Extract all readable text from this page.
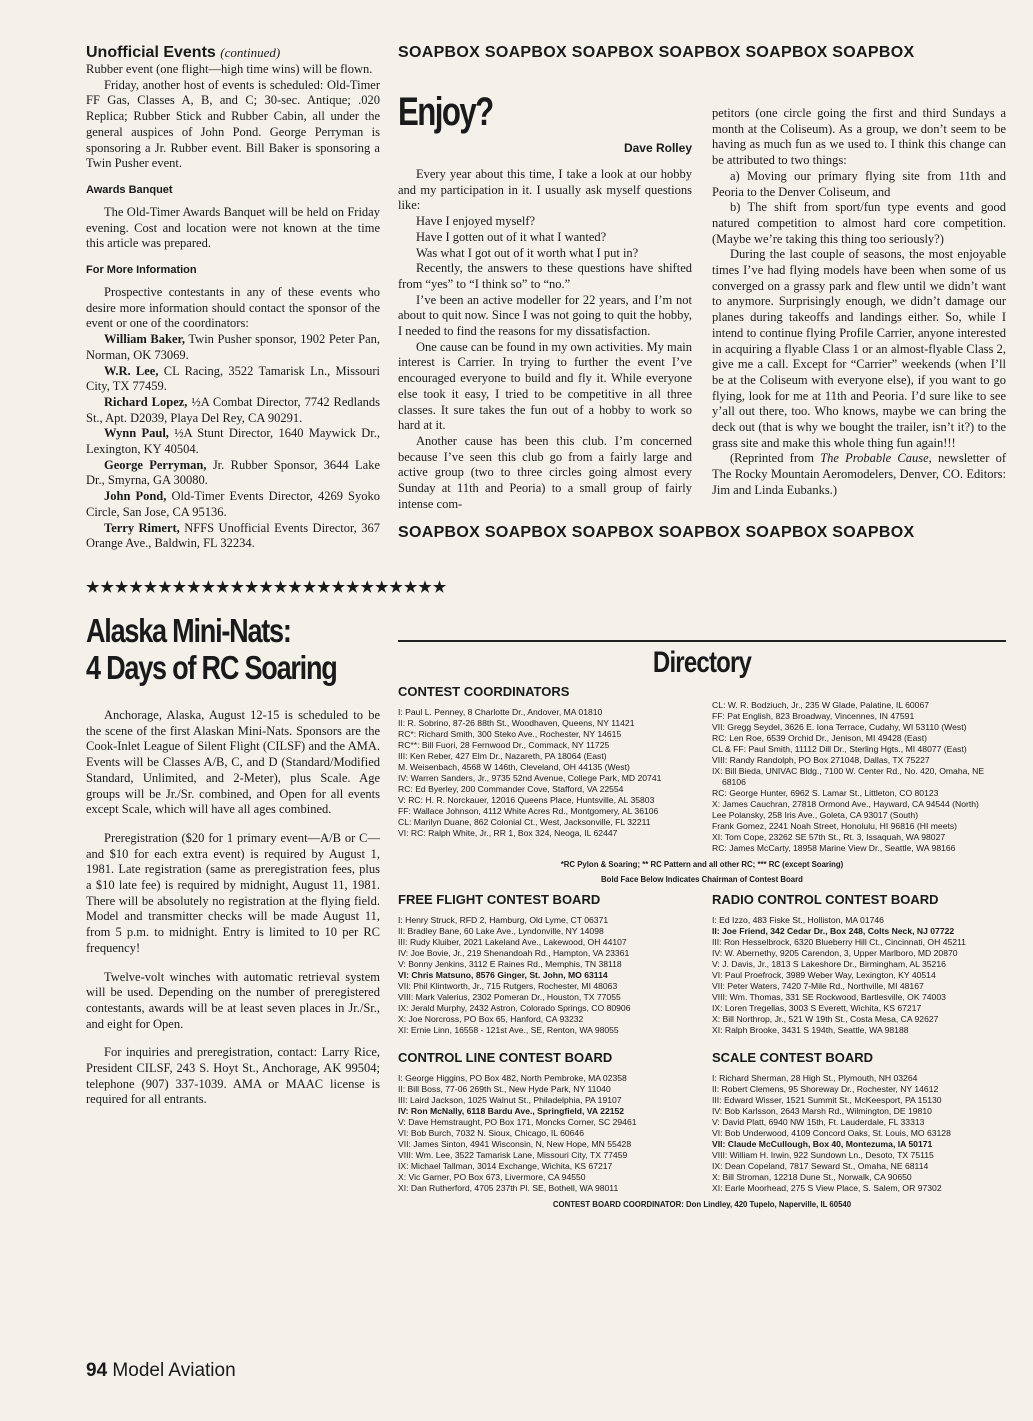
Unofficial Events (continued)

Rubber event (one flight—high time wins) will be flown.

Friday, another host of events is scheduled: Old-Timer FF Gas, Classes A, B, and C; 30-sec. Antique; .020 Replica; Rubber Stick and Rubber Cabin, all under the general auspices of John Pond. George Perryman is sponsoring a Jr. Rubber event. Bill Baker is sponsoring a Twin Pusher event.

Awards Banquet

The Old-Timer Awards Banquet will be held on Friday evening. Cost and location were not known at the time this article was prepared.

For More Information

Prospective contestants in any of these events who desire more information should contact the sponsor of the event or one of the coordinators:

William Baker, Twin Pusher sponsor, 1902 Peter Pan, Norman, OK 73069.

W.R. Lee, CL Racing, 3522 Tamarisk Ln., Missouri City, TX 77459.

Richard Lopez, ½A Combat Director, 7742 Redlands St., Apt. D2039, Playa Del Rey, CA 90291.

Wynn Paul, ½A Stunt Director, 1640 Maywick Dr., Lexington, KY 40504.

George Perryman, Jr. Rubber Sponsor, 3644 Lake Dr., Smyrna, GA 30080.

John Pond, Old-Timer Events Director, 4269 Syoko Circle, San Jose, CA 95136.

Terry Rimert, NFFS Unofficial Events Director, 367 Orange Ave., Baldwin, FL 32234.

★★★★★★★★★★★★★★★★★★★★★★★★★
Alaska Mini-Nats:
4 Days of RC Soaring

Anchorage, Alaska, August 12-15 is scheduled to be the scene of the first Alaskan Mini-Nats. Sponsors are the Cook-Inlet League of Silent Flight (CILSF) and the AMA. Events will be Classes A/B, C, and D (Standard/Modified Standard, Unlimited, and 2-Meter), plus Scale. Age groups will be Jr./Sr. combined, and Open for all events except Scale, which will have all ages combined.

Preregistration ($20 for 1 primary event—A/B or C—and $10 for each extra event) is required by August 1, 1981. Late registration (same as preregistration fees, plus a $10 late fee) is required by midnight, August 11, 1981. There will be absolutely no registration at the flying field. Model and transmitter checks will be made August 11, from 5 p.m. to midnight. Entry is limited to 10 per RC frequency!

Twelve-volt winches with automatic retrieval system will be used. Depending on the number of preregistered contestants, awards will be at least seven places in Jr./Sr., and eight for Open.

For inquiries and preregistration, contact: Larry Rice, President CILSF, 243 S. Hoyt St., Anchorage, AK 99504; telephone (907) 337-1039. AMA or MAAC license is required for all entrants.

SOAPBOX SOAPBOX SOAPBOX SOAPBOX SOAPBOX SOAPBOX
Enjoy?
Dave Rolley

Every year about this time, I take a look at our hobby and my participation in it. I usually ask myself questions like:

Have I enjoyed myself?

Have I gotten out of it what I wanted?

Was what I got out of it worth what I put in?

Recently, the answers to these questions have shifted from “yes” to “I think so” to “no.”

I’ve been an active modeller for 22 years, and I’m not about to quit now. Since I was not going to quit the hobby, I needed to find the reasons for my dissatisfaction.

One cause can be found in my own activities. My main interest is Carrier. In trying to further the event I’ve encouraged everyone to build and fly it. While everyone else took it easy, I tried to be competitive in all three classes. It sure takes the fun out of a hobby to work so hard at it.

Another cause has been this club. I’m concerned because I’ve seen this club go from a fairly large and active group (two to three circles going almost every Sunday at 11th and Peoria) to a small group of fairly intense com-

petitors (one circle going the first and third Sundays a month at the Coliseum). As a group, we don’t seem to be having as much fun as we used to. I think this change can be attributed to two things:

a) Moving our primary flying site from 11th and Peoria to the Denver Coliseum, and

b) The shift from sport/fun type events and good natured competition to almost hard core competition. (Maybe we’re taking this thing too seriously?)

During the last couple of seasons, the most enjoyable times I’ve had flying models have been when some of us converged on a grassy park and flew until we didn’t want to anymore. Surprisingly enough, we didn’t damage our planes during takeoffs and landings either. So, while I intend to continue flying Profile Carrier, anyone interested in acquiring a flyable Class 1 or an almost-flyable Class 2, give me a call. Except for “Carrier” weekends (when I’ll be at the Coliseum with everyone else), if you want to go flying, look for me at 11th and Peoria. I’d sure like to see y’all out there, too. Who knows, maybe we can bring the deck out (that is why we bought the trailer, isn’t it?) to the grass site and make this whole thing fun again!!!

(Reprinted from The Probable Cause, newsletter of The Rocky Mountain Aeromodelers, Denver, CO. Editors: Jim and Linda Eubanks.)

SOAPBOX SOAPBOX SOAPBOX SOAPBOX SOAPBOX SOAPBOX
Directory
CONTEST COORDINATORS
I: Paul L. Penney, 8 Charlotte Dr., Andover, MA 01810
II: R. Sobrino, 87-26 88th St., Woodhaven, Queens, NY 11421
RC*: Richard Smith, 300 Steko Ave., Rochester, NY 14615
RC**: Bill Fuori, 28 Fernwood Dr., Commack, NY 11725
III: Ken Reber, 427 Elm Dr., Nazareth, PA 18064 (East)
M. Weisenbach, 4568 W 146th, Cleveland, OH 44135 (West)
IV: Warren Sanders, Jr., 9735 52nd Avenue, College Park, MD 20741
RC: Ed Byerley, 200 Commander Cove, Stafford, VA 22554
V: RC: H. R. Norckauer, 12016 Queens Place, Huntsville, AL 35803
FF: Wallace Johnson, 4112 White Acres Rd., Montgomery, AL 36106
CL: Marilyn Duane, 862 Colonial Ct., West, Jacksonville, FL 32211
VI: RC: Ralph White, Jr., RR 1, Box 324, Neoga, IL 62447
CL: W. R. Bodziuch, Jr., 235 W Glade, Palatine, IL 60067
FF: Pat English, 823 Broadway, Vincennes, IN 47591
VII: Gregg Seydel, 3626 E. Iona Terrace, Cudahy, WI 53110 (West)
RC: Len Roe, 6539 Orchid Dr., Jenison, MI 49428 (East)
CL & FF: Paul Smith, 11112 Dill Dr., Sterling Hgts., MI 48077 (East)
VIII: Randy Randolph, PO Box 271048, Dallas, TX 75227
IX: Bill Bieda, UNIVAC Bldg., 7100 W. Center Rd., No. 420, Omaha, NE 68106
RC: George Hunter, 6962 S. Lamar St., Littleton, CO 80123
X: James Cauchran, 27818 Ormond Ave., Hayward, CA 94544 (North)
Lee Polansky, 258 Iris Ave., Goleta, CA 93017 (South)
Frank Gomez, 2241 Noah Street, Honolulu, HI 96816 (HI meets)
XI: Tom Cope, 23262 SE 57th St., Rt. 3, Issaquah, WA 98027
RC: James McCarty, 18958 Marine View Dr., Seattle, WA 98166
*RC Pylon & Soaring; ** RC Pattern and all other RC; *** RC (except Soaring)
Bold Face Below Indicates Chairman of Contest Board
FREE FLIGHT CONTEST BOARD
I: Henry Struck, RFD 2, Hamburg, Old Lyme, CT 06371
II: Bradley Bane, 60 Lake Ave., Lyndonville, NY 14098
III: Rudy Kluiber, 2021 Lakeland Ave., Lakewood, OH 44107
IV: Joe Bovie, Jr., 219 Shenandoah Rd., Hampton, VA 23361
V: Bonny Jenkins, 3112 E Raines Rd., Memphis, TN 38118
VI: Chris Matsuno, 8576 Ginger, St. John, MO 63114
VII: Phil Klintworth, Jr., 715 Rutgers, Rochester, MI 48063
VIII: Mark Valerius, 2302 Pomeran Dr., Houston, TX 77055
IX: Jerald Murphy, 2432 Astron, Colorado Springs, CO 80906
X: Joe Norcross, PO Box 65, Hanford, CA 93232
XI: Ernie Linn, 16558 - 121st Ave., SE, Renton, WA 98055
CONTROL LINE CONTEST BOARD
I: George Higgins, PO Box 482, North Pembroke, MA 02358
II: Bill Boss, 77-06 269th St., New Hyde Park, NY 11040
III: Laird Jackson, 1025 Walnut St., Philadelphia, PA 19107
IV: Ron McNally, 6118 Bardu Ave., Springfield, VA 22152
V: Dave Hemstraught, PO Box 171, Moncks Corner, SC 29461
VI: Bob Burch, 7032 N. Sioux, Chicago, IL 60646
VII: James Sinton, 4941 Wisconsin, N, New Hope, MN 55428
VIII: Wm. Lee, 3522 Tamarisk Lane, Missouri City, TX 77459
IX: Michael Tallman, 3014 Exchange, Wichita, KS 67217
X: Vic Garner, PO Box 673, Livermore, CA 94550
XI: Dan Rutherford, 4705 237th Pl. SE, Bothell, WA 98011
RADIO CONTROL CONTEST BOARD
I: Ed Izzo, 483 Fiske St., Holliston, MA 01746
II: Joe Friend, 342 Cedar Dr., Box 248, Colts Neck, NJ 07722
III: Ron Hesselbrock, 6320 Blueberry Hill Ct., Cincinnati, OH 45211
IV: W. Abernethy, 9205 Carendon, 3, Upper Marlboro, MD 20870
V: J. Davis, Jr., 1813 S Lakeshore Dr., Birmingham, AL 35216
VI: Paul Proefrock, 3989 Weber Way, Lexington, KY 40514
VII: Peter Waters, 7420 7-Mile Rd., Northville, MI 48167
VIII: Wm. Thomas, 331 SE Rockwood, Bartlesville, OK 74003
IX: Loren Tregellas, 3003 S Everett, Wichita, KS 67217
X: Bill Northrop, Jr., 521 W 19th St., Costa Mesa, CA 92627
XI: Ralph Brooke, 3431 S 194th, Seattle, WA 98188
SCALE CONTEST BOARD
I: Richard Sherman, 28 High St., Plymouth, NH 03264
II: Robert Clemens, 95 Shoreway Dr., Rochester, NY 14612
III: Edward Wisser, 1521 Summit St., McKeesport, PA 15130
IV: Bob Karlsson, 2643 Marsh Rd., Wilmington, DE 19810
V: David Platt, 6940 NW 15th, Ft. Lauderdale, FL 33313
VI: Bob Underwood, 4109 Concord Oaks, St. Louis, MO 63128
VII: Claude McCullough, Box 40, Montezuma, IA 50171
VIII: William H. Irwin, 922 Sundown Ln., Desoto, TX 75115
IX: Dean Copeland, 7817 Seward St., Omaha, NE 68114
X: Bill Stroman, 12218 Dune St., Norwalk, CA 90650
XI: Earle Moorhead, 275 S View Place, S. Salem, OR 97302
CONTEST BOARD COORDINATOR: Don Lindley, 420 Tupelo, Naperville, IL 60540
94 Model Aviation
